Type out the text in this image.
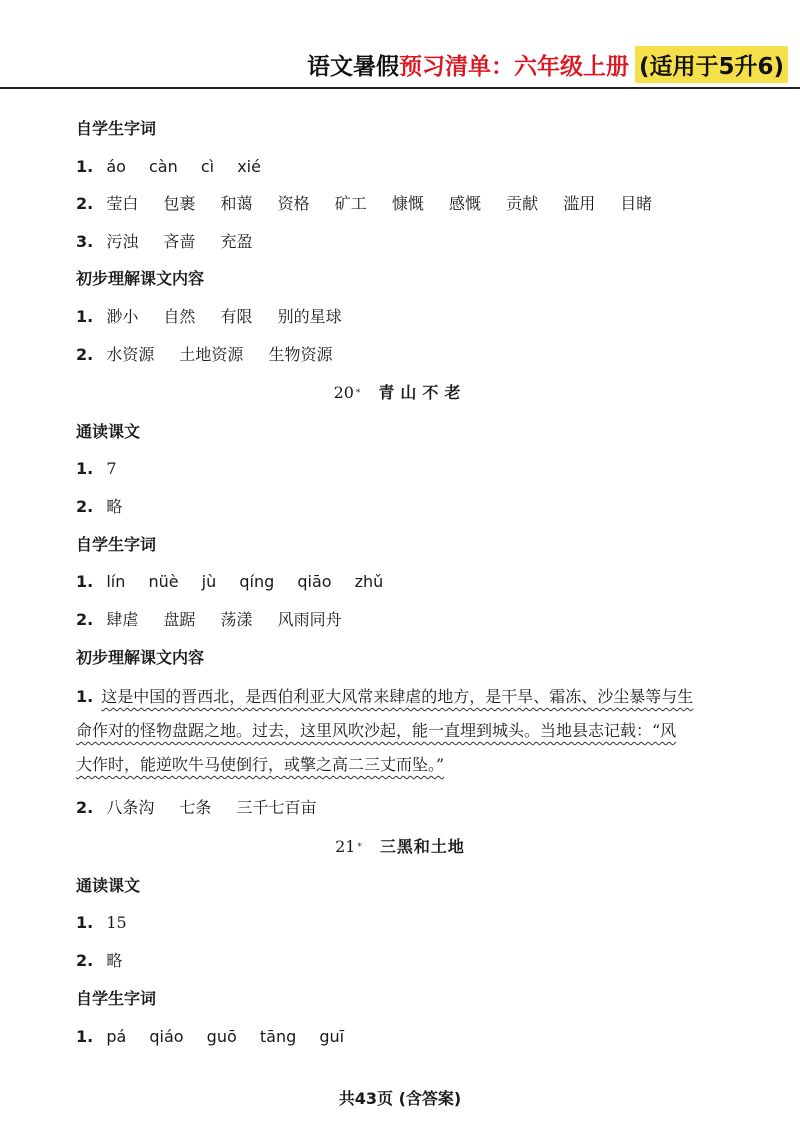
语文暑假 预习清单：六年级上册 (适用于5升6)
自学生字词
1. áo càn cì xié
2. 莹白 包裹 和蔼 资格 矿工 慷慨 感慨 贡献 滥用 目睹
3. 污浊 吝啬 充盈
初步理解课文内容
1. 渺小 自然 有限 别的星球
2. 水资源 土地资源 生物资源
20 * 青山不老
通读课文
1. 7
2. 略
自学生字词
1. lín nüè jù qíng qiāo zhǔ
2. 肆虐 盘踞 荡漾 风雨同舟
初步理解课文内容
1. 这是中国的晋西北，是西伯利亚大风常来肆虐的地方，是干旱、霜冻、沙尘暴等与生
命作对的怪物盘踞之地。过去，这里风吹沙起，能一直埋到城头。当地县志记载：“风
大作时，能逆吹牛马使倒行，或擎之高二三丈而坠。”
2. 八条沟 七条 三千七百亩
21 * 三黑和土地
通读课文
1. 15
2. 略
自学生字词
1. pá qiáo guō tāng guī
共43页 (含答案)
